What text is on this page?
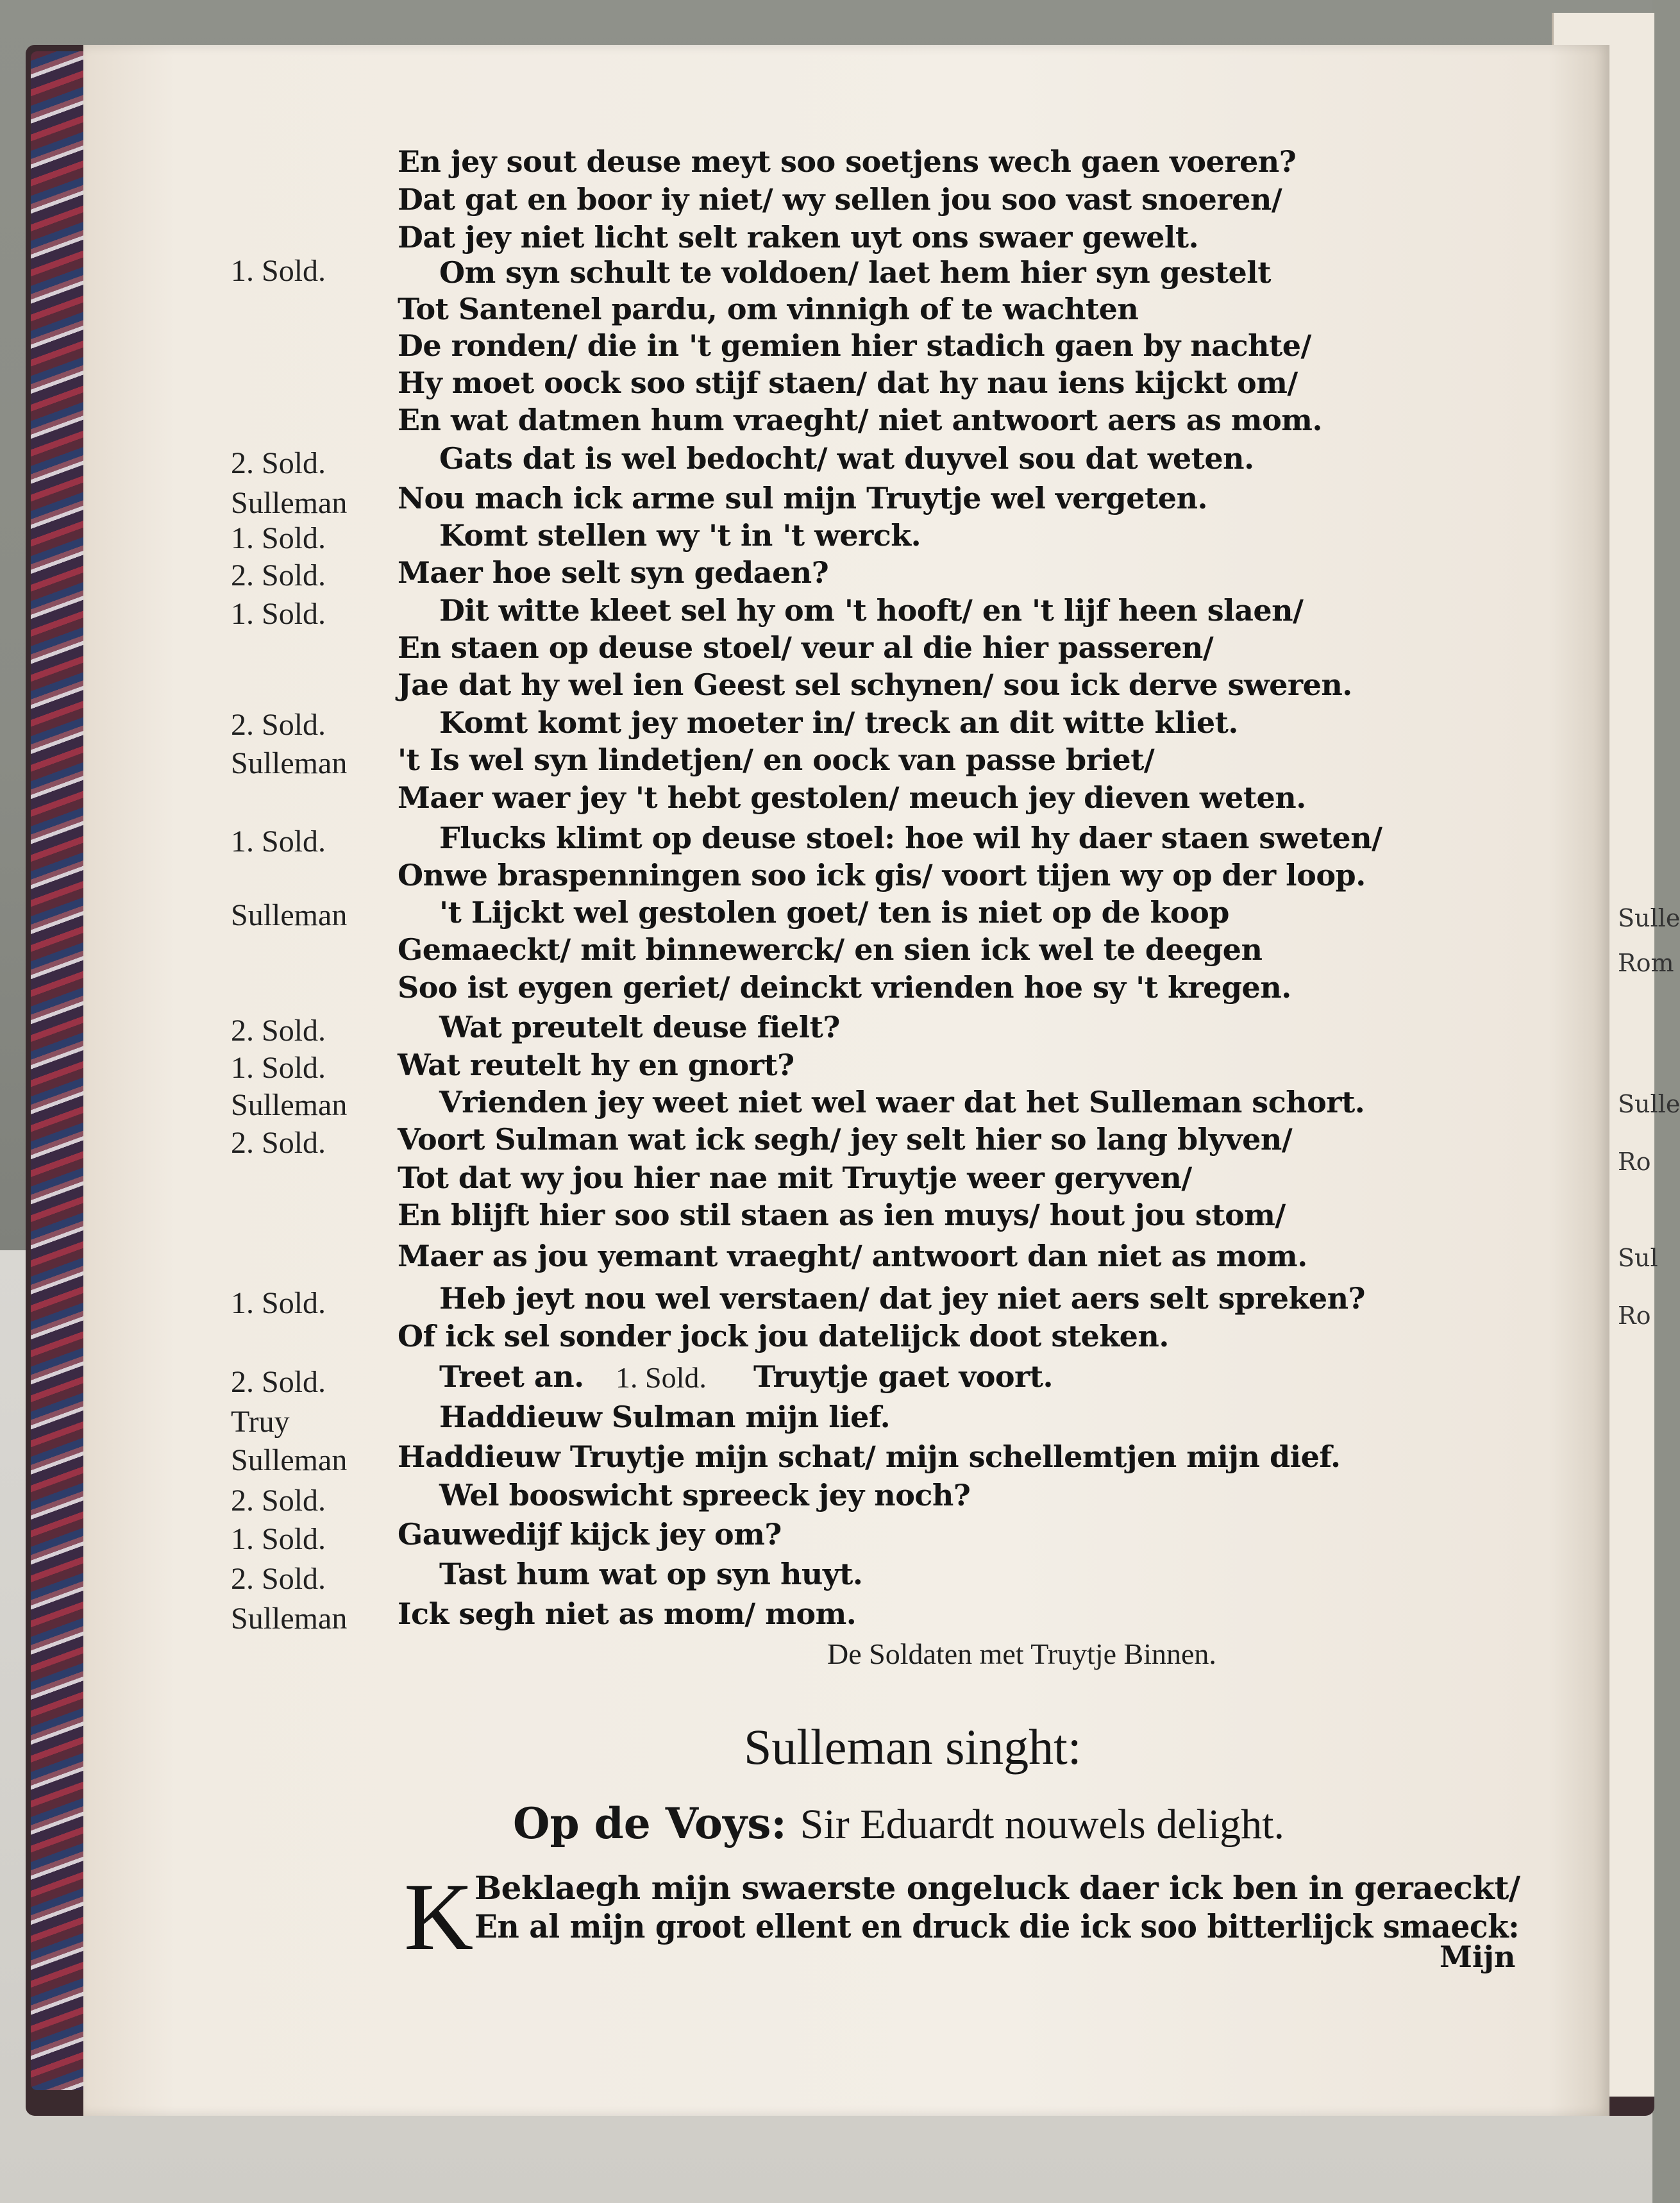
Sulle
Rom
Sulle
Ro
Sul
Ro
1. Sold.
2. Sold.
Sulleman
1. Sold.
2. Sold.
1. Sold.
2. Sold.
Sulleman
1. Sold.
Sulleman
2. Sold.
1. Sold.
Sulleman
2. Sold.
1. Sold.
2. Sold.
Truy
Sulleman
2. Sold.
1. Sold.
2. Sold.
Sulleman
En jey sout deuse meyt soo soetjens wech gaen voeren?
Dat gat en boor iy niet/ wy sellen jou soo vast snoeren/
Dat jey niet licht selt raken uyt ons swaer gewelt.
Om syn schult te voldoen/ laet hem hier syn gestelt
Tot Santenel pardu, om vinnigh of te wachten
De ronden/ die in 't gemien hier stadich gaen by nachte/
Hy moet oock soo stijf staen/ dat hy nau iens kijckt om/
En wat datmen hum vraeght/ niet antwoort aers as mom.
Gats dat is wel bedocht/ wat duyvel sou dat weten.
Nou mach ick arme sul mijn Truytje wel vergeten.
Komt stellen wy 't in 't werck.
Maer hoe selt syn gedaen?
Dit witte kleet sel hy om 't hooft/ en 't lijf heen slaen/
En staen op deuse stoel/ veur al die hier passeren/
Jae dat hy wel ien Geest sel schynen/ sou ick derve sweren.
Komt komt jey moeter in/ treck an dit witte kliet.
't Is wel syn lindetjen/ en oock van passe briet/
Maer waer jey 't hebt gestolen/ meuch jey dieven weten.
Flucks klimt op deuse stoel: hoe wil hy daer staen sweten/
Onwe braspenningen soo ick gis/ voort tijen wy op der loop.
't Lijckt wel gestolen goet/ ten is niet op de koop
Gemaeckt/ mit binnewerck/ en sien ick wel te deegen
Soo ist eygen geriet/ deinckt vrienden hoe sy 't kregen.
Wat preutelt deuse fielt?
Wat reutelt hy en gnort?
Vrienden jey weet niet wel waer dat het Sulleman schort.
Voort Sulman wat ick segh/ jey selt hier so lang blyven/
Tot dat wy jou hier nae mit Truytje weer geryven/
En blijft hier soo stil staen as ien muys/ hout jou stom/
Maer as jou yemant vraeght/ antwoort dan niet as mom.
Heb jeyt nou wel verstaen/ dat jey niet aers selt spreken?
Of ick sel sonder jock jou datelijck doot steken.
Treet an. 1. Sold. Truytje gaet voort.
Haddieuw Sulman mijn lief.
Haddieuw Truytje mijn schat/ mijn schellemtjen mijn dief.
Wel booswicht spreeck jey noch?
Gauwedijf kijck jey om?
Tast hum wat op syn huyt.
Ick segh niet as mom/ mom.
De Soldaten met Truytje Binnen.
Sulleman singht:
Op de Voys: Sir Eduardt nouwels delight.
K Beklaegh mijn swaerste ongeluck daer ick ben in geraeckt/
En al mijn groot ellent en druck die ick soo bitterlijck smaeck:
Mijn
